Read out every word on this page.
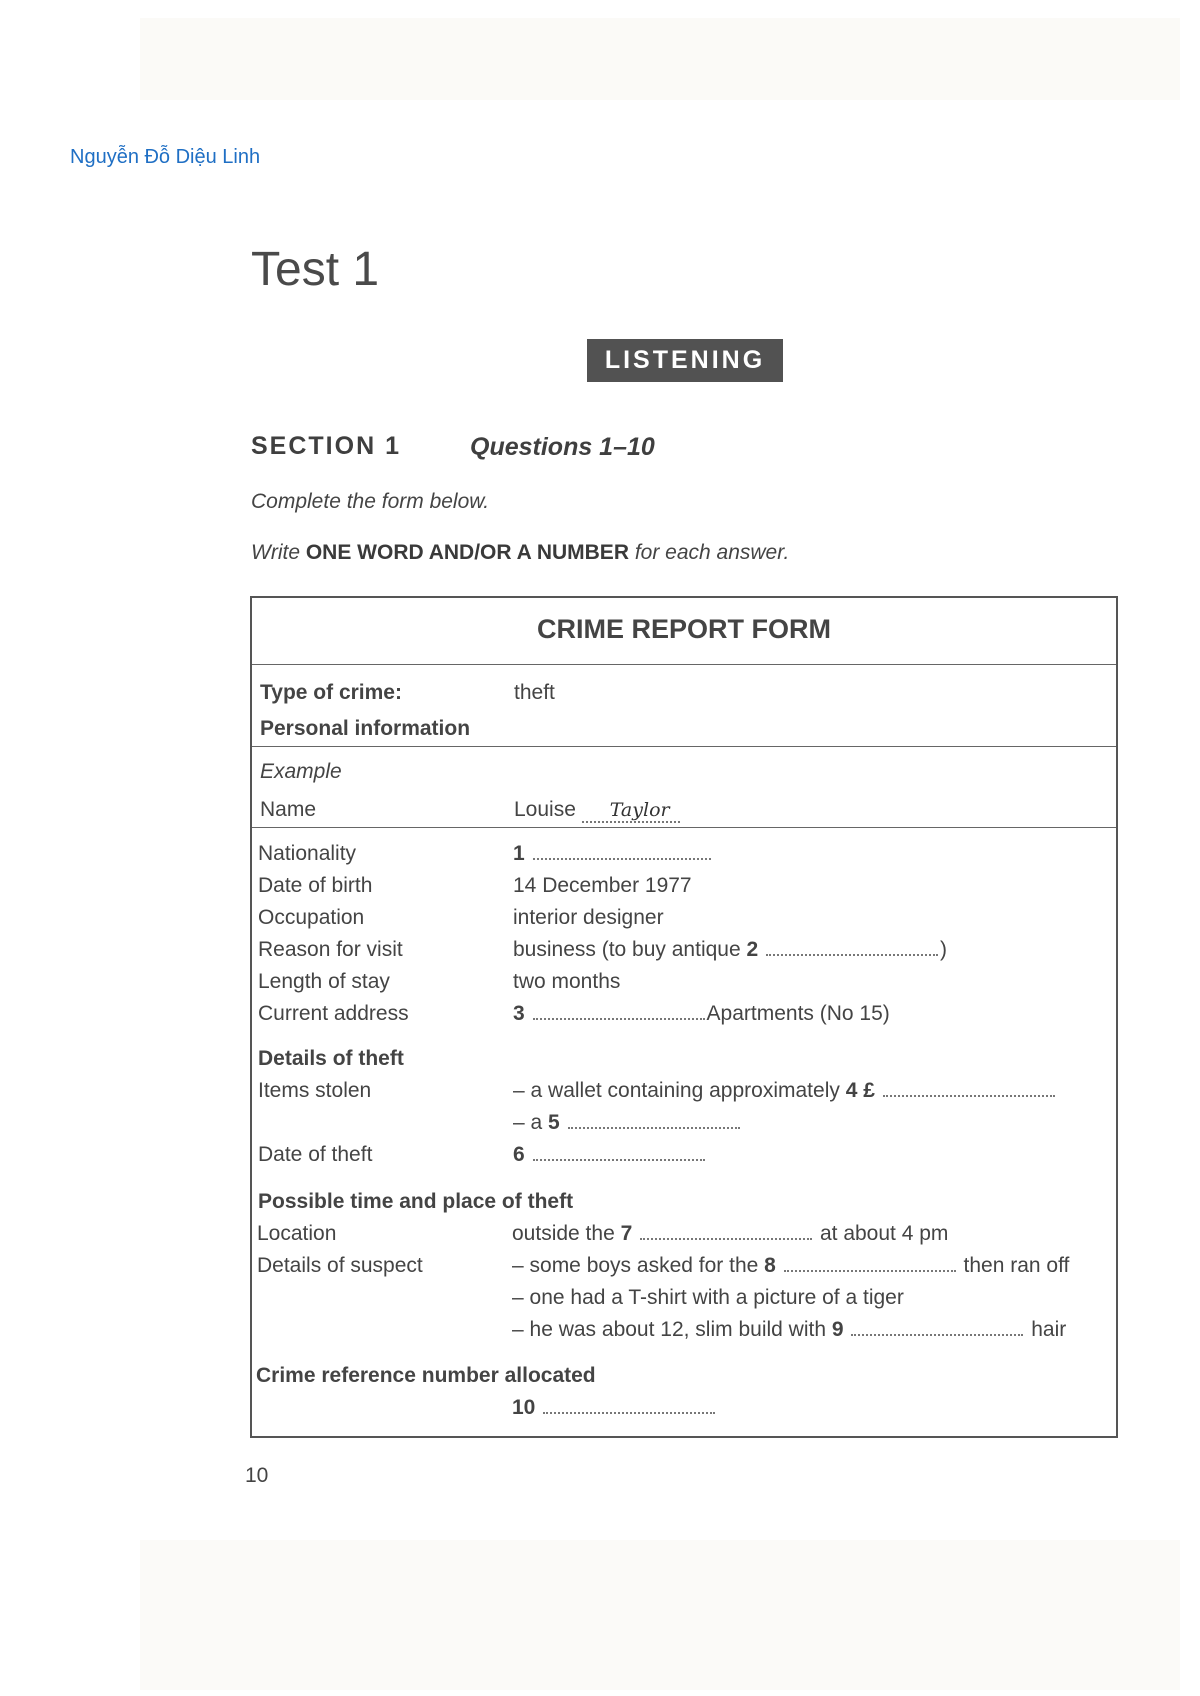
Nguyễn Đỗ Diệu Linh
Test 1
LISTENING
SECTION 1	Questions 1–10
Complete the form below.
Write ONE WORD AND/OR A NUMBER for each answer.
CRIME REPORT FORM
Type of crime:	theft
Personal information
Example
Name	Louise Taylor
Nationality	1
Date of birth	14 December 1977
Occupation	interior designer
Reason for visit	business (to buy antique 2	)
Length of stay	two months
Current address	3	Apartments (No 15)
Details of theft
Items stolen	– a wallet containing approximately 4 £
– a 5
Date of theft	6
Possible time and place of theft
Location	outside the 7	at about 4 pm
Details of suspect	– some boys asked for the 8	then ran off
– one had a T-shirt with a picture of a tiger
– he was about 12, slim build with 9	hair
Crime reference number allocated
10
10
